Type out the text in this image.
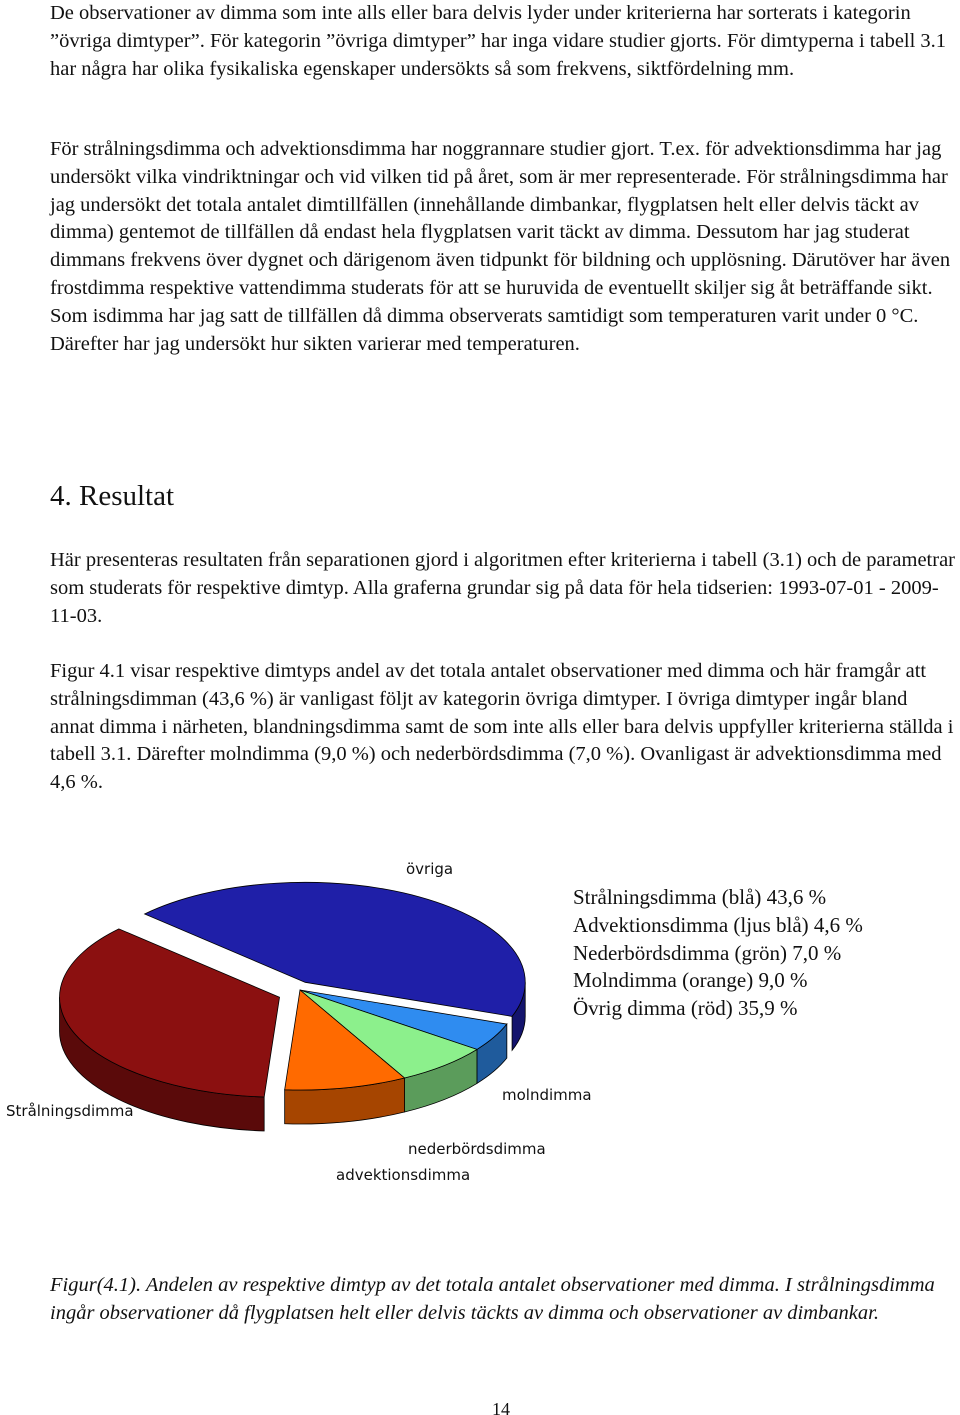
De observationer av dimma som inte alls eller bara delvis lyder under kriterierna har sorterats i kategorin ”övriga dimtyper”. För kategorin ”övriga dimtyper” har inga vidare studier gjorts. För dimtyperna i tabell 3.1 har några har olika fysikaliska egenskaper undersökts så som frekvens, siktfördelning mm.

För strålningsdimma och advektionsdimma har noggrannare studier gjort. T.ex. för advektionsdimma har jag undersökt vilka vindriktningar och vid vilken tid på året, som är mer representerade. För strålningsdimma har jag undersökt det totala antalet dimtillfällen (innehållande dimbankar, flygplatsen helt eller delvis täckt av dimma) gentemot de tillfällen då endast hela flygplatsen varit täckt av dimma. Dessutom har jag studerat dimmans frekvens över dygnet och därigenom även tidpunkt för bildning och upplösning. Därutöver har även frostdimma respektive vattendimma studerats för att se huruvida de eventuellt skiljer sig åt beträffande sikt. Som isdimma har jag satt de tillfällen då dimma observerats samtidigt som temperaturen varit under 0 °C. Därefter har jag undersökt hur sikten varierar med temperaturen.

4. Resultat

Här presenteras resultaten från separationen gjord i algoritmen efter kriterierna i tabell (3.1) och de parametrar som studerats för respektive dimtyp. Alla graferna grundar sig på data för hela tidserien: 1993-07-01 - 2009-11-03.

Figur 4.1 visar respektive dimtyps andel av det totala antalet observationer med dimma och här framgår att strålningsdimman (43,6 %) är vanligast följt av kategorin övriga dimtyper. I övriga dimtyper ingår bland annat dimma i närheten, blandningsdimma samt de som inte alls eller bara delvis uppfyller kriterierna ställda i tabell 3.1. Därefter molndimma (9,0 %) och nederbördsdimma (7,0 %). Ovanligast är advektionsdimma med 4,6 %.

övriga
Strålningsdimma
advektionsdimma
nederbördsdimma
molndimma
Strålningsdimma (blå) 43,6 %
Advektionsdimma (ljus blå) 4,6 %
Nederbördsdimma (grön) 7,0 %
Molndimma (orange) 9,0 %
Övrig dimma (röd) 35,9 %

Figur(4.1). Andelen av respektive dimtyp av det totala antalet observationer med dimma. I strålningsdimma ingår observationer då flygplatsen helt eller delvis täckts av dimma och observationer av dimbankar.

14
